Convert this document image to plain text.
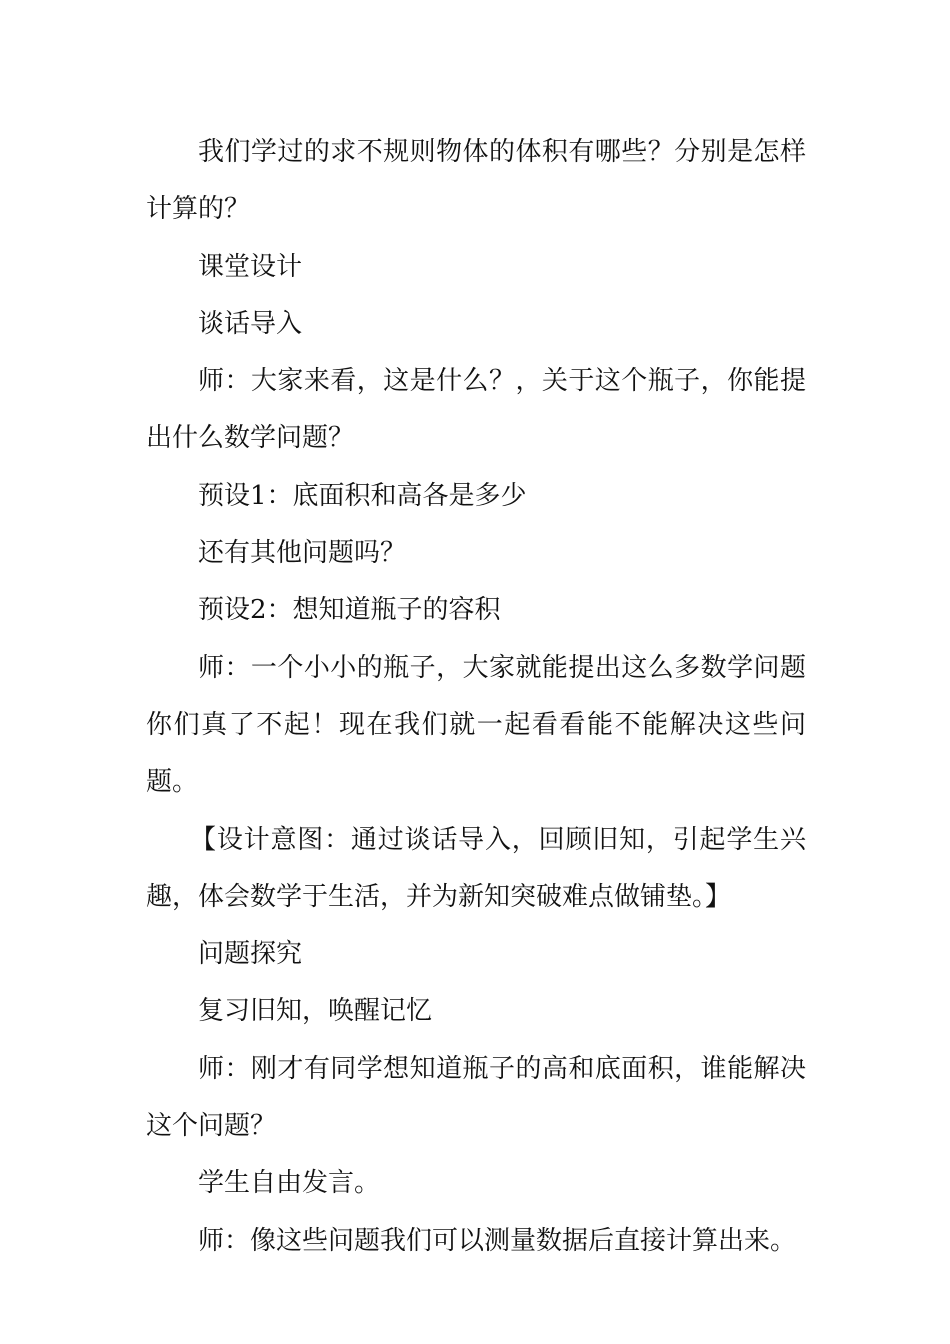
我们学过的求不规则物体的体积有哪些？分别是怎样计算的？

课堂设计

谈话导入

师：大家来看，这是什么？，关于这个瓶子，你能提出什么数学问题？

预设1：底面积和高各是多少

还有其他问题吗？

预设2：想知道瓶子的容积

师：一个小小的瓶子，大家就能提出这么多数学问题你们真了不起！现在我们就一起看看能不能解决这些问题。

【设计意图：通过谈话导入，回顾旧知，引起学生兴趣，体会数学于生活，并为新知突破难点做铺垫。】

问题探究

复习旧知，唤醒记忆

师：刚才有同学想知道瓶子的高和底面积，谁能解决这个问题？

学生自由发言。

师：像这些问题我们可以测量数据后直接计算出来。
